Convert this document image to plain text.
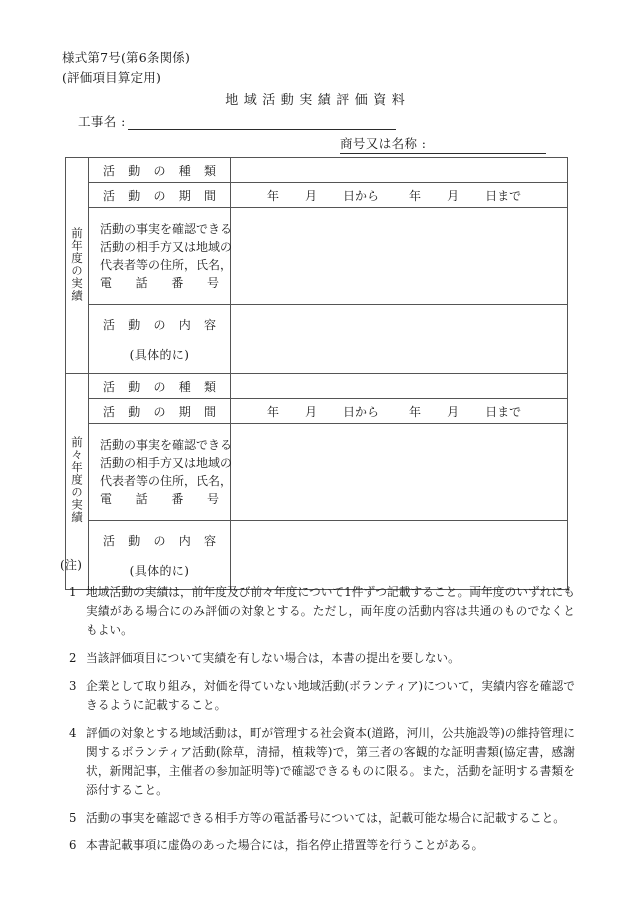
様式第7号(第6条関係)
(評価項目算定用)
地域活動実績評価資料
工事名 :
商号又は名称 :
前年度の実績	活 動 の 種 類	

	活 動 の 期 間	年 月 日から 年 月 日まで

活動の事実を確認できる
活動の相手方又は地域の
代表者等の住所，氏名，
電 話 番 号

活 動 の 内 容
(具体的に)

前々年度の実績	活 動 の 種 類	

	活 動 の 期 間	年 月 日から 年 月 日まで

活動の事実を確認できる
活動の相手方又は地域の
代表者等の住所，氏名，
電 話 番 号

活 動 の 内 容
(具体的に)

(注)
1 地域活動の実績は，前年度及び前々年度について1件ずつ記載すること。両年度のいずれにも実績がある場合にのみ評価の対象とする。ただし，両年度の活動内容は共通のものでなくともよい。
2 当該評価項目について実績を有しない場合は，本書の提出を要しない。
3 企業として取り組み，対価を得ていない地域活動(ボランティア)について，実績内容を確認できるように記載すること。
4 評価の対象とする地域活動は，町が管理する社会資本(道路，河川，公共施設等)の維持管理に関するボランティア活動(除草，清掃，植栽等)で，第三者の客観的な証明書類(協定書，感謝状，新聞記事，主催者の参加証明等)で確認できるものに限る。また，活動を証明する書類を添付すること。
5 活動の事実を確認できる相手方等の電話番号については，記載可能な場合に記載すること。
6 本書記載事項に虚偽のあった場合には，指名停止措置等を行うことがある。
